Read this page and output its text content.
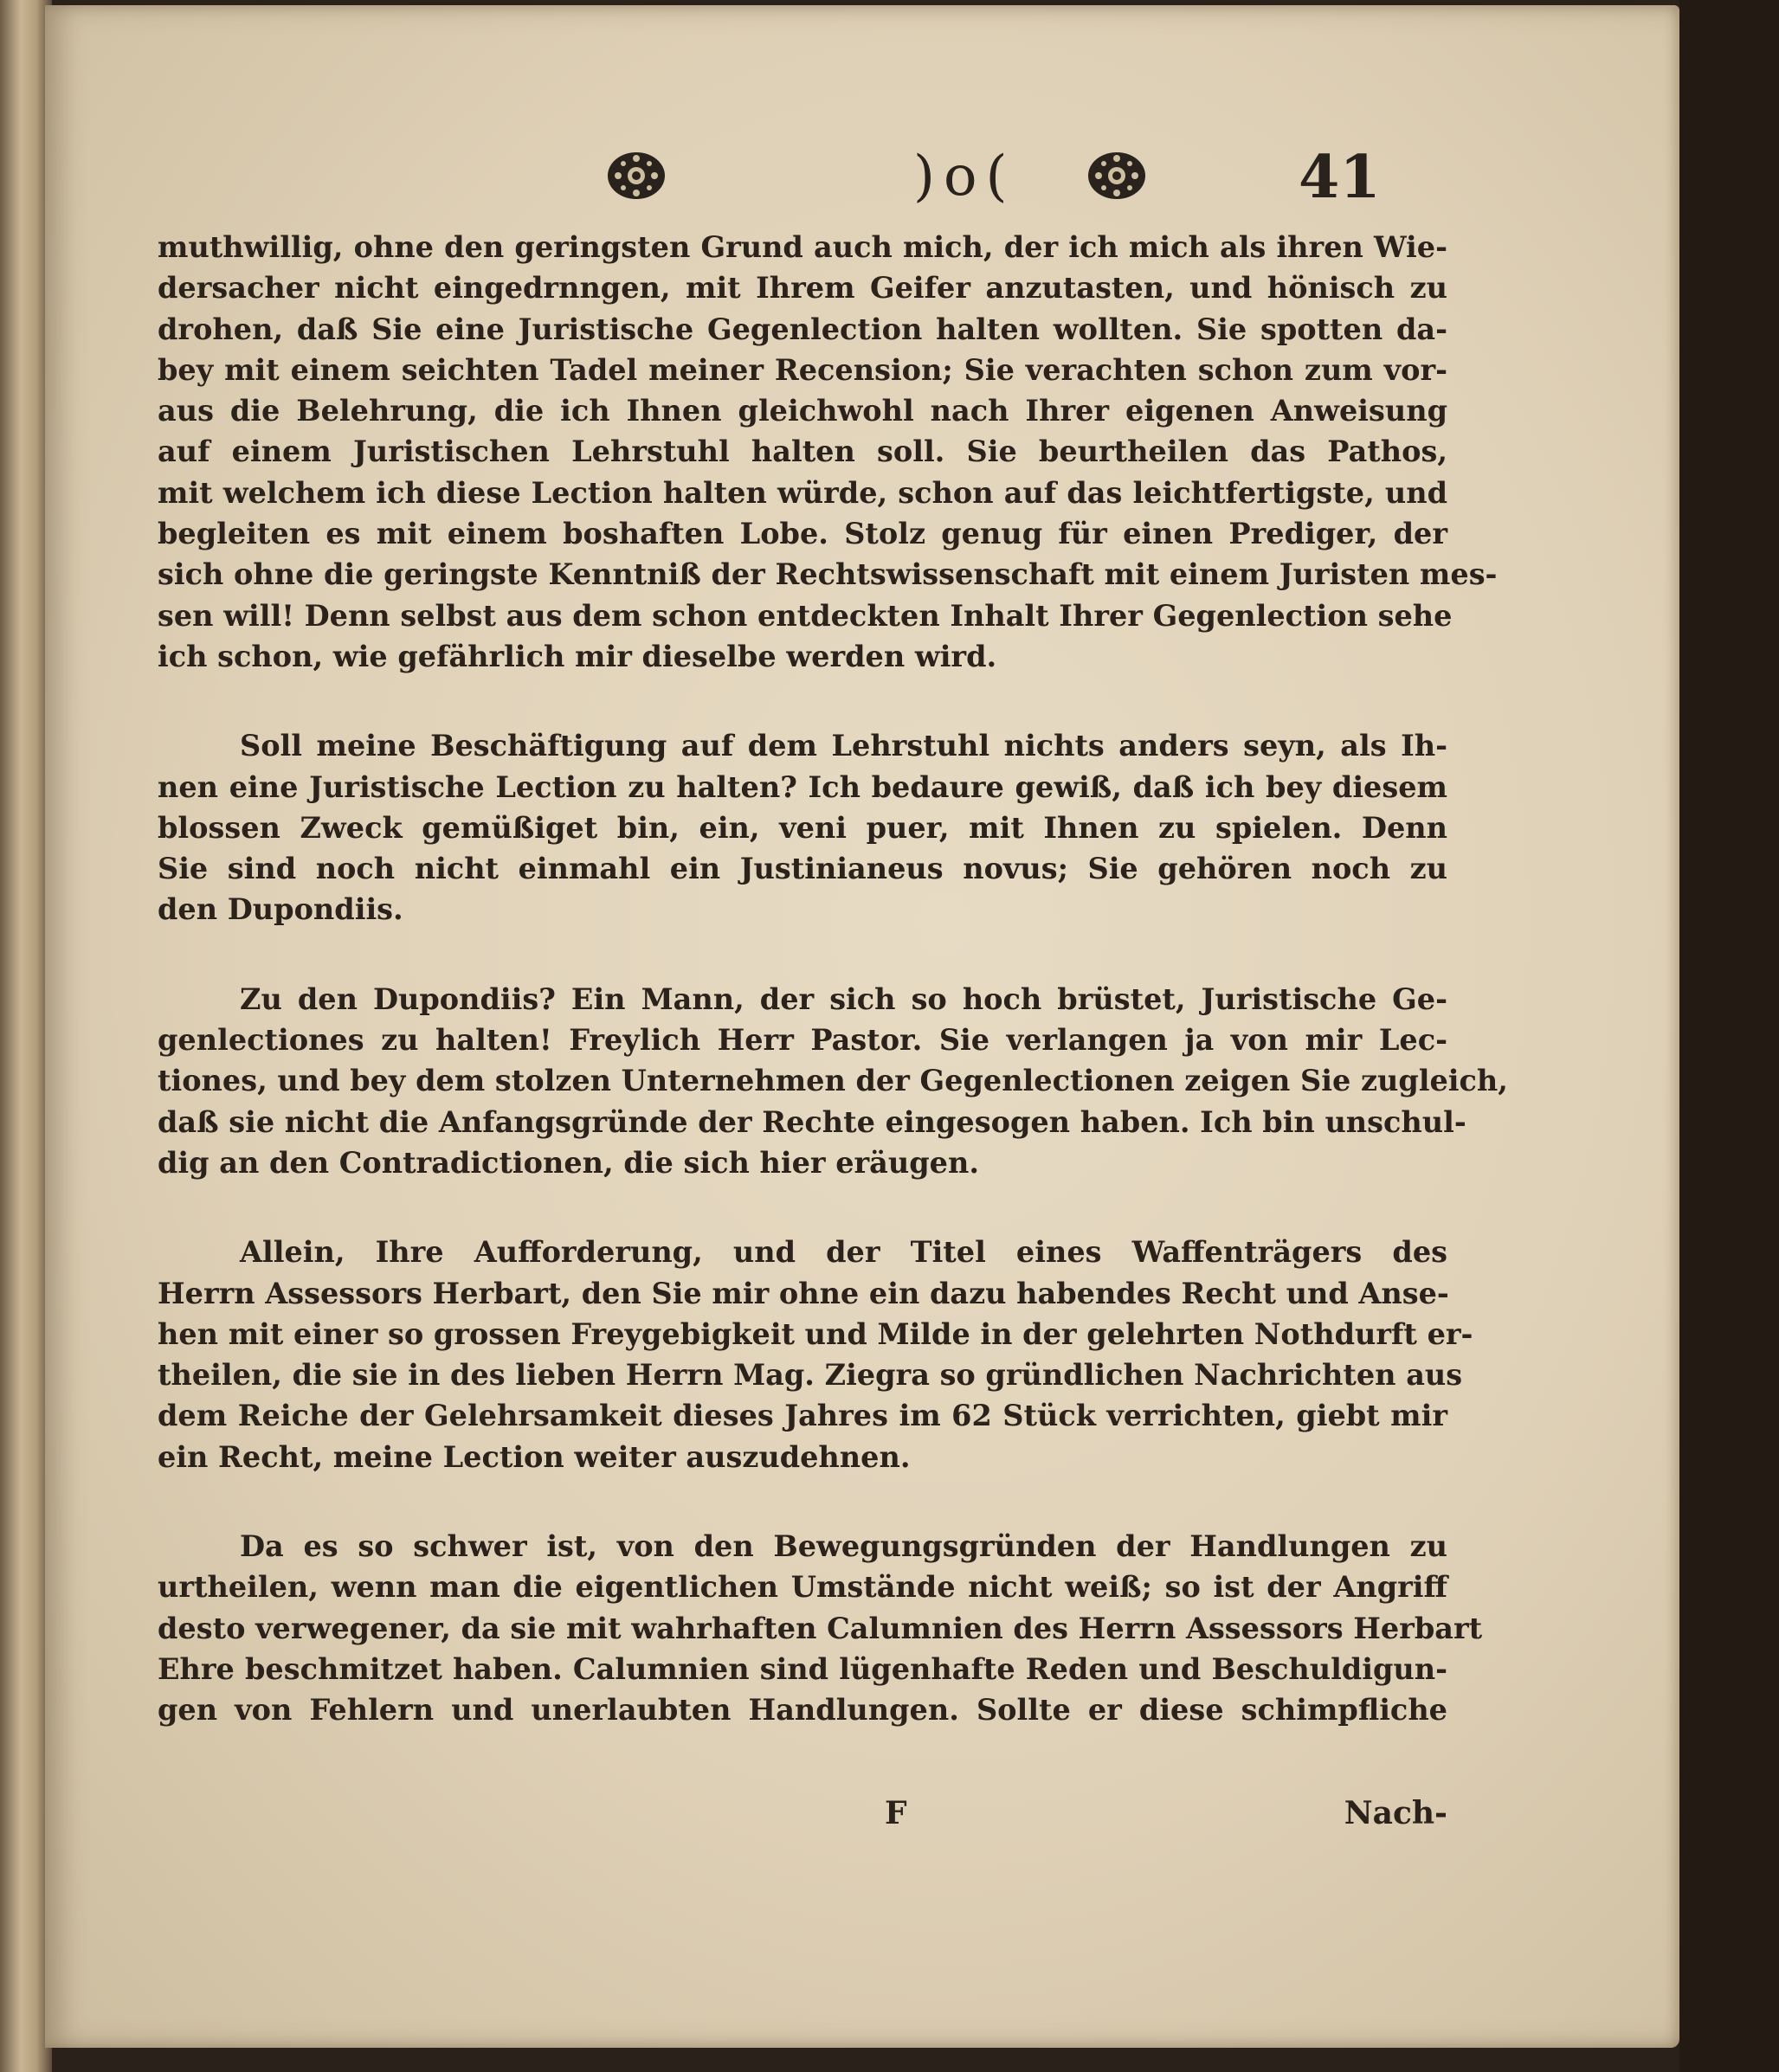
)o(	41
muthwillig, ohne den geringsten Grund auch mich, der ich mich als ihren Wie-
dersacher nicht eingedrnngen, mit Ihrem Geifer anzutasten, und hönisch zu
drohen, daß Sie eine Juristische Gegenlection halten wollten. Sie spotten da-
bey mit einem seichten Tadel meiner Recension; Sie verachten schon zum vor-
aus die Belehrung, die ich Ihnen gleichwohl nach Ihrer eigenen Anweisung
auf einem Juristischen Lehrstuhl halten soll. Sie beurtheilen das Pathos,
mit welchem ich diese Lection halten würde, schon auf das leichtfertigste, und
begleiten es mit einem boshaften Lobe. Stolz genug für einen Prediger, der
sich ohne die geringste Kenntniß der Rechtswissenschaft mit einem Juristen mes-
sen will! Denn selbst aus dem schon entdeckten Inhalt Ihrer Gegenlection sehe
ich schon, wie gefährlich mir dieselbe werden wird.
Soll meine Beschäftigung auf dem Lehrstuhl nichts anders seyn, als Ih-
nen eine Juristische Lection zu halten? Ich bedaure gewiß, daß ich bey diesem
blossen Zweck gemüßiget bin, ein, veni puer, mit Ihnen zu spielen. Denn
Sie sind noch nicht einmahl ein Justinianeus novus; Sie gehören noch zu
den Dupondiis.
Zu den Dupondiis? Ein Mann, der sich so hoch brüstet, Juristische Ge-
genlectiones zu halten! Freylich Herr Pastor. Sie verlangen ja von mir Lec-
tiones, und bey dem stolzen Unternehmen der Gegenlectionen zeigen Sie zugleich,
daß sie nicht die Anfangsgründe der Rechte eingesogen haben. Ich bin unschul-
dig an den Contradictionen, die sich hier eräugen.
Allein, Ihre Aufforderung, und der Titel eines Waffenträgers des
Herrn Assessors Herbart, den Sie mir ohne ein dazu habendes Recht und Anse-
hen mit einer so grossen Freygebigkeit und Milde in der gelehrten Nothdurft er-
theilen, die sie in des lieben Herrn Mag. Ziegra so gründlichen Nachrichten aus
dem Reiche der Gelehrsamkeit dieses Jahres im 62 Stück verrichten, giebt mir
ein Recht, meine Lection weiter auszudehnen.
Da es so schwer ist, von den Bewegungsgründen der Handlungen zu
urtheilen, wenn man die eigentlichen Umstände nicht weiß; so ist der Angriff
desto verwegener, da sie mit wahrhaften Calumnien des Herrn Assessors Herbart
Ehre beschmitzet haben. Calumnien sind lügenhafte Reden und Beschuldigun-
gen von Fehlern und unerlaubten Handlungen. Sollte er diese schimpfliche
F	Nach-
